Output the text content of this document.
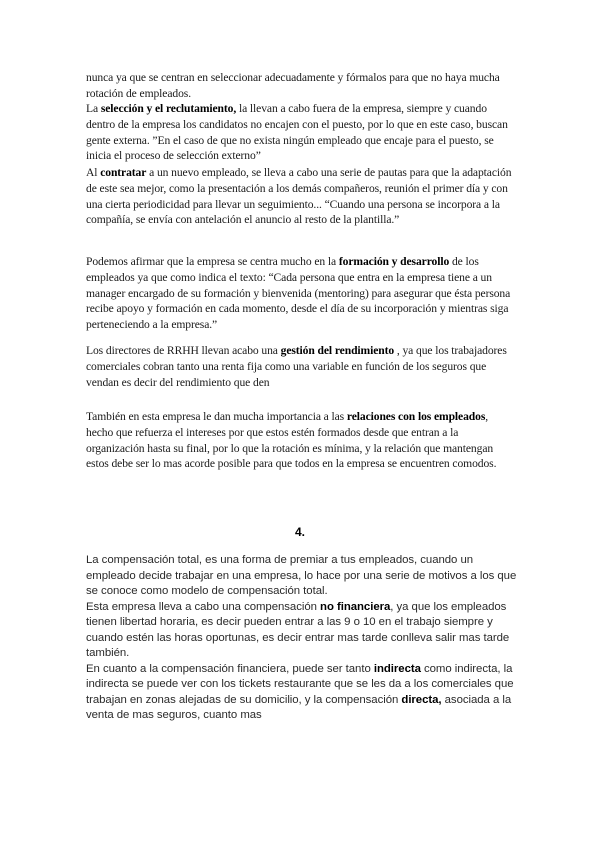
nunca ya que se centran en seleccionar adecuadamente y fórmalos para que no haya mucha rotación de empleados.

La selección y el reclutamiento, la llevan a cabo fuera de la empresa, siempre y cuando dentro de la empresa los candidatos no encajen con el puesto, por lo que en este caso, buscan gente externa. ”En el caso de que no exista ningún empleado que encaje para el puesto, se inicia el proceso de selección externo”

Al contratar a un nuevo empleado, se lleva a cabo una serie de pautas para que la adaptación de este sea mejor, como la presentación a los demás compañeros, reunión el primer día y con una cierta periodicidad para llevar un seguimiento... “Cuando una persona se incorpora a la compañía, se envía con antelación el anuncio al resto de la plantilla.”

Podemos afirmar que la empresa se centra mucho en la formación y desarrollo de los empleados ya que como indica el texto: “Cada persona que entra en la empresa tiene a un manager encargado de su formación y bienvenida (mentoring) para asegurar que ésta persona recibe apoyo y formación en cada momento, desde el día de su incorporación y mientras siga perteneciendo a la empresa.”

Los directores de RRHH llevan acabo una gestión del rendimiento , ya que los trabajadores comerciales cobran tanto una renta fija como una variable en función de los seguros que vendan es decir del rendimiento que den

También en esta empresa le dan mucha importancia a las relaciones con los empleados, hecho que refuerza el intereses por que estos estén formados desde que entran a la organización hasta su final, por lo que la rotación es mínima, y la relación que mantengan estos debe ser lo mas acorde posible para que todos en la empresa se encuentren comodos.

4.

La compensación total, es una forma de premiar a tus empleados, cuando un empleado decide trabajar en una empresa, lo hace por una serie de motivos a los que se conoce como modelo de compensación total.

Esta empresa lleva a cabo una compensación no financiera, ya que los empleados tienen libertad horaria, es decir pueden entrar a las 9 o 10 en el trabajo siempre y cuando estén las horas oportunas, es decir entrar mas tarde conlleva salir mas tarde también.

En cuanto a la compensación financiera, puede ser tanto indirecta como indirecta, la indirecta se puede ver con los tickets restaurante que se les da a los comerciales que trabajan en zonas alejadas de su domicilio, y la compensación directa, asociada a la venta de mas seguros, cuanto mas
